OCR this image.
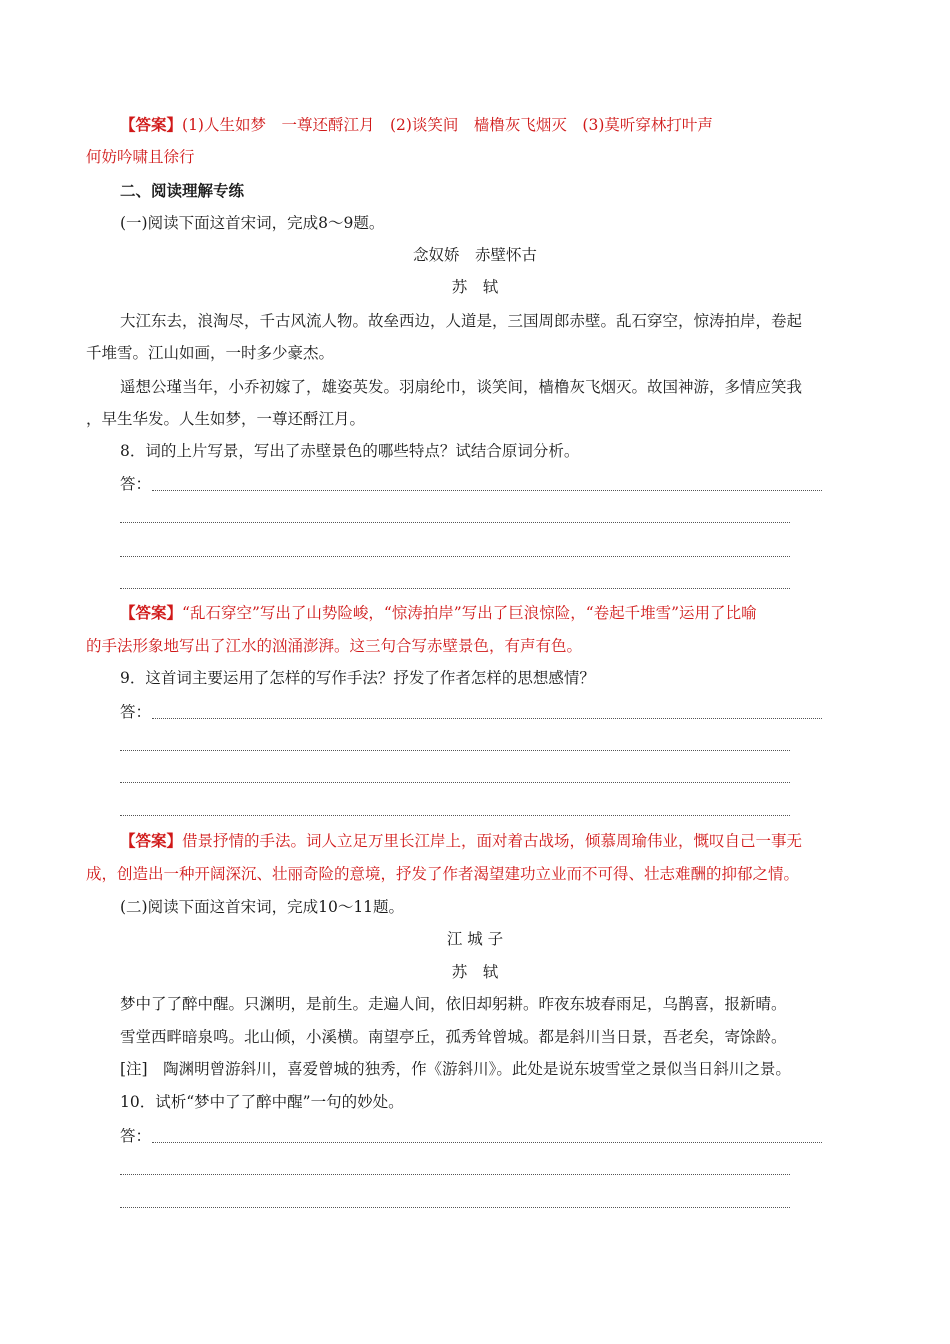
【答案】(1)人生如梦　一尊还酹江月　(2)谈笑间　樯橹灰飞烟灭　(3)莫听穿林打叶声
何妨吟啸且徐行
二、阅读理解专练
(一)阅读下面这首宋词，完成8～9题。
念奴娇　赤壁怀古
苏　轼
大江东去，浪淘尽，千古风流人物。故垒西边，人道是，三国周郎赤壁。乱石穿空，惊涛拍岸，卷起
千堆雪。江山如画，一时多少豪杰。
遥想公瑾当年，小乔初嫁了，雄姿英发。羽扇纶巾，谈笑间，樯橹灰飞烟灭。故国神游，多情应笑我
，早生华发。人生如梦，一尊还酹江月。
8．词的上片写景，写出了赤壁景色的哪些特点？试结合原词分析。
答：
【答案】“乱石穿空”写出了山势险峻，“惊涛拍岸”写出了巨浪惊险，“卷起千堆雪”运用了比喻
的手法形象地写出了江水的汹涌澎湃。这三句合写赤壁景色，有声有色。
9．这首词主要运用了怎样的写作手法？抒发了作者怎样的思想感情？
答：
【答案】借景抒情的手法。词人立足万里长江岸上，面对着古战场，倾慕周瑜伟业，慨叹自己一事无
成，创造出一种开阔深沉、壮丽奇险的意境，抒发了作者渴望建功立业而不可得、壮志难酬的抑郁之情。
(二)阅读下面这首宋词，完成10～11题。
江 城 子
苏　轼
梦中了了醉中醒。只渊明，是前生。走遍人间，依旧却躬耕。昨夜东坡春雨足，乌鹊喜，报新晴。
雪堂西畔暗泉鸣。北山倾，小溪横。南望亭丘，孤秀耸曾城。都是斜川当日景，吾老矣，寄馀龄。
[注]　陶渊明曾游斜川，喜爱曾城的独秀，作《游斜川》。此处是说东坡雪堂之景似当日斜川之景。
10．试析“梦中了了醉中醒”一句的妙处。
答：
